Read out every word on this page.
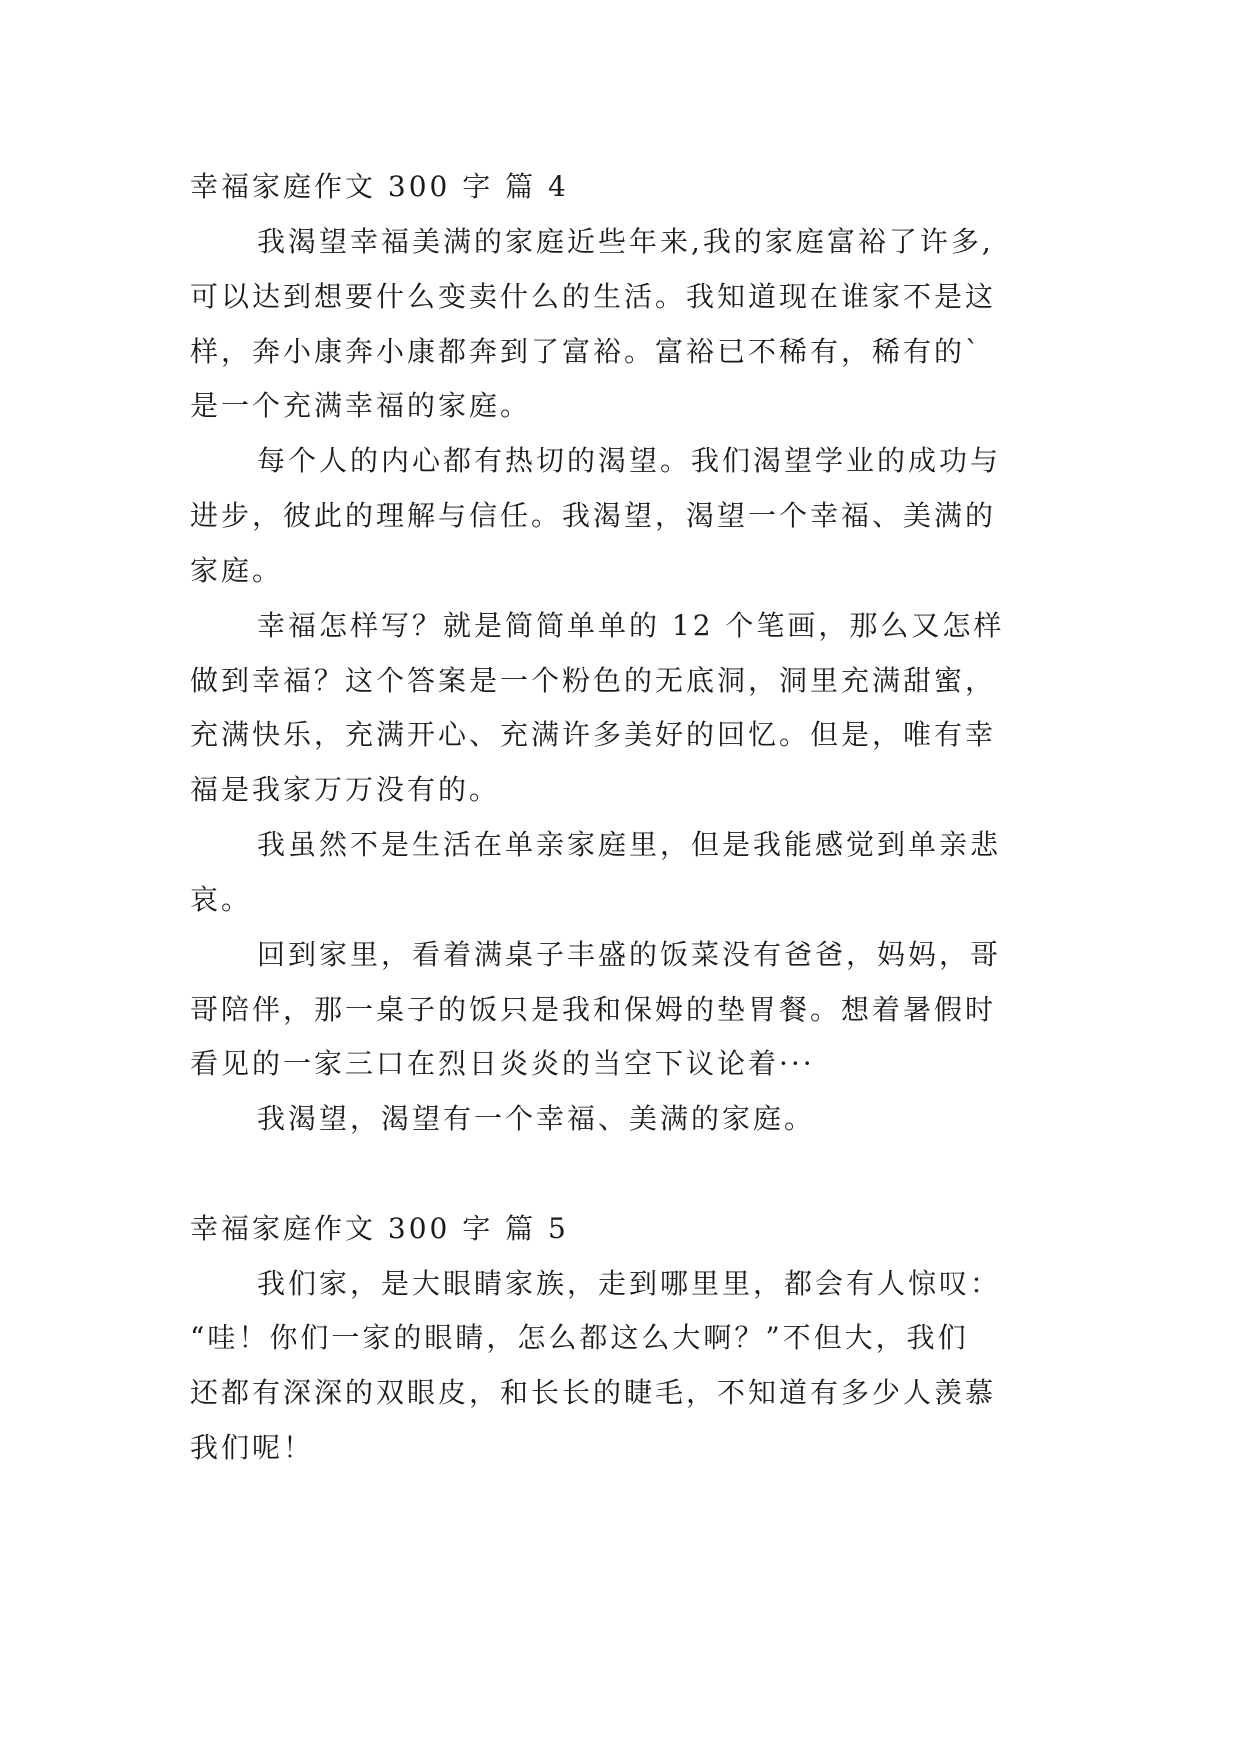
幸福家庭作文 300 字 篇 4
我渴望幸福美满的家庭近些年来,我的家庭富裕了许多,
可以达到想要什么变卖什么的生活。我知道现在谁家不是这
样，奔小康奔小康都奔到了富裕。富裕已不稀有，稀有的`
是一个充满幸福的家庭。
每个人的内心都有热切的渴望。我们渴望学业的成功与
进步，彼此的理解与信任。我渴望，渴望一个幸福、美满的
家庭。
幸福怎样写？就是简简单单的 12 个笔画，那么又怎样
做到幸福？这个答案是一个粉色的无底洞，洞里充满甜蜜，
充满快乐，充满开心、充满许多美好的回忆。但是，唯有幸
福是我家万万没有的。
我虽然不是生活在单亲家庭里，但是我能感觉到单亲悲
哀。
回到家里，看着满桌子丰盛的饭菜没有爸爸，妈妈，哥
哥陪伴，那一桌子的饭只是我和保姆的垫胃餐。想着暑假时
看见的一家三口在烈日炎炎的当空下议论着···
我渴望，渴望有一个幸福、美满的家庭。
幸福家庭作文 300 字 篇 5
我们家，是大眼睛家族，走到哪里里，都会有人惊叹：
“哇！你们一家的眼睛，怎么都这么大啊？”不但大，我们
还都有深深的双眼皮，和长长的睫毛，不知道有多少人羡慕
我们呢！
